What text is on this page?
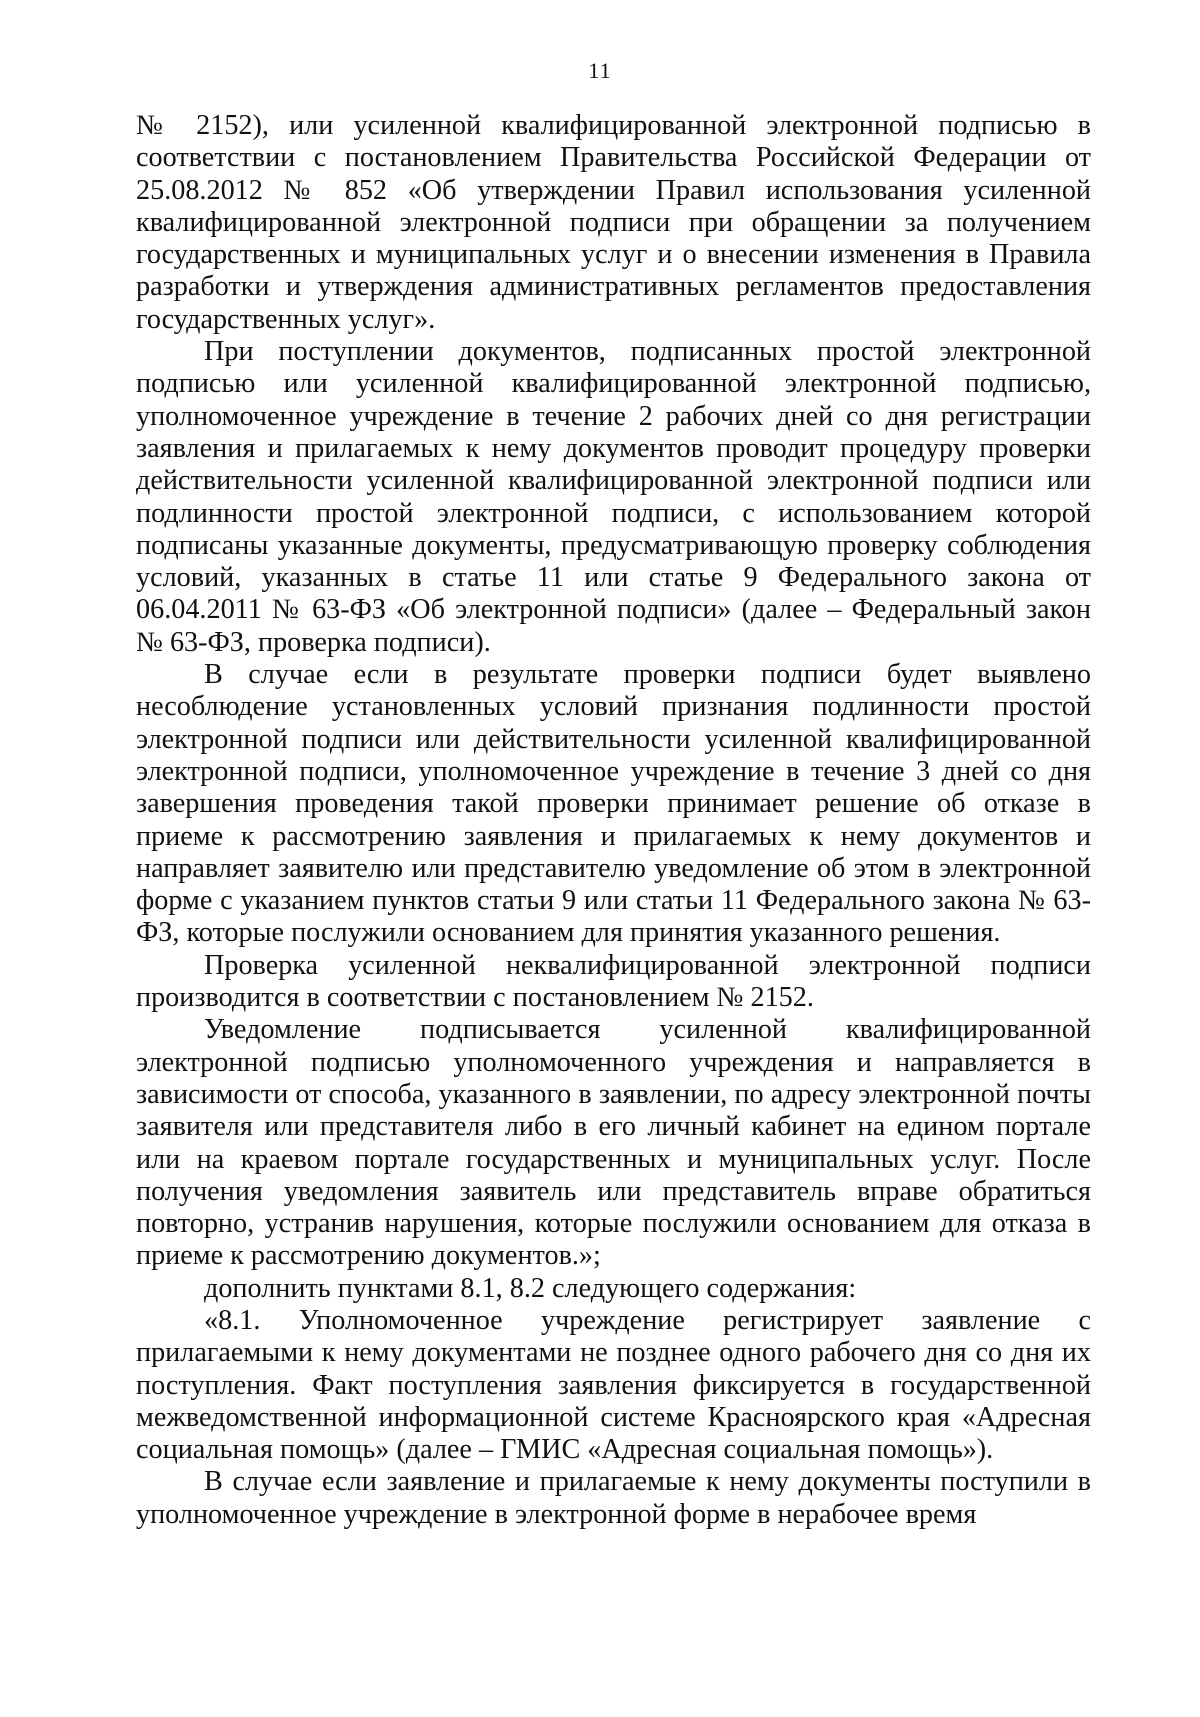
11

№ 2152), или усиленной квалифицированной электронной подписью в соответствии с постановлением Правительства Российской Федерации от 25.08.2012 № 852 «Об утверждении Правил использования усиленной квалифицированной электронной подписи при обращении за получением государственных и муниципальных услуг и о внесении изменения в Правила разработки и утверждения административных регламентов предоставления государственных услуг».

При поступлении документов, подписанных простой электронной подписью или усиленной квалифицированной электронной подписью, уполномоченное учреждение в течение 2 рабочих дней со дня регистрации заявления и прилагаемых к нему документов проводит процедуру проверки действительности усиленной квалифицированной электронной подписи или подлинности простой электронной подписи, с использованием которой подписаны указанные документы, предусматривающую проверку соблюдения условий, указанных в статье 11 или статье 9 Федерального закона от 06.04.2011 № 63-ФЗ «Об электронной подписи» (далее – Федеральный закон № 63-ФЗ, проверка подписи).

В случае если в результате проверки подписи будет выявлено несоблюдение установленных условий признания подлинности простой электронной подписи или действительности усиленной квалифицированной электронной подписи, уполномоченное учреждение в течение 3 дней со дня завершения проведения такой проверки принимает решение об отказе в приеме к рассмотрению заявления и прилагаемых к нему документов и направляет заявителю или представителю уведомление об этом в электронной форме с указанием пунктов статьи 9 или статьи 11 Федерального закона № 63-ФЗ, которые послужили основанием для принятия указанного решения.

Проверка усиленной неквалифицированной электронной подписи производится в соответствии с постановлением № 2152.

Уведомление подписывается усиленной квалифицированной электронной подписью уполномоченного учреждения и направляется в зависимости от способа, указанного в заявлении, по адресу электронной почты заявителя или представителя либо в его личный кабинет на едином портале или на краевом портале государственных и муниципальных услуг. После получения уведомления заявитель или представитель вправе обратиться повторно, устранив нарушения, которые послужили основанием для отказа в приеме к рассмотрению документов.»;

дополнить пунктами 8.1, 8.2 следующего содержания:

«8.1. Уполномоченное учреждение регистрирует заявление с прилагаемыми к нему документами не позднее одного рабочего дня со дня их поступления. Факт поступления заявления фиксируется в государственной межведомственной информационной системе Красноярского края «Адресная социальная помощь» (далее – ГМИС «Адресная социальная помощь»).

В случае если заявление и прилагаемые к нему документы поступили в уполномоченное учреждение в электронной форме в нерабочее время
